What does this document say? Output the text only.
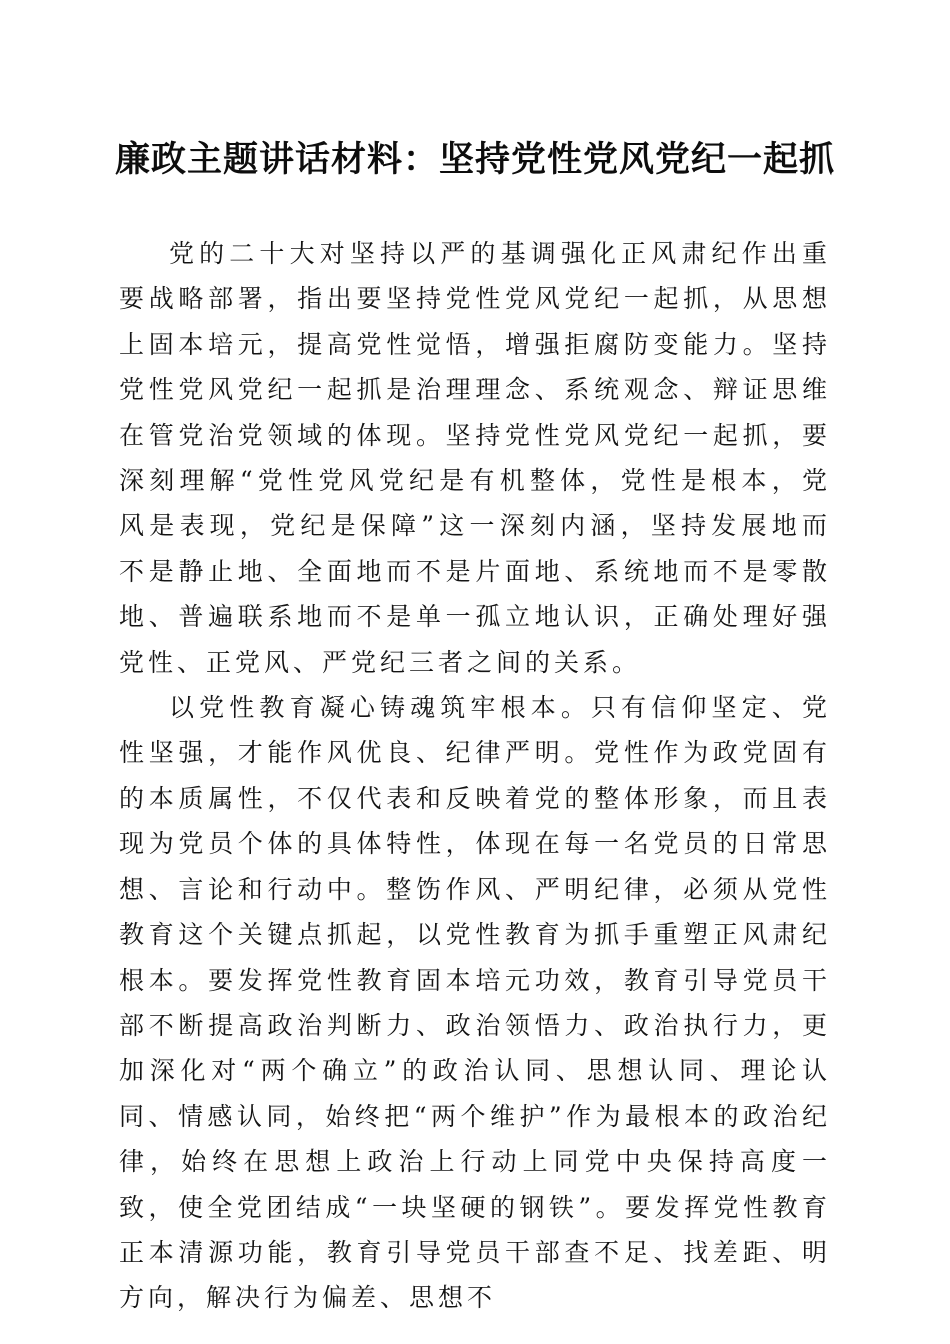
廉政主题讲话材料：坚持党性党风党纪一起抓

党的二十大对坚持以严的基调强化正风肃纪作出重要战略部署，指出要坚持党性党风党纪一起抓，从思想上固本培元，提高党性觉悟，增强拒腐防变能力。坚持党性党风党纪一起抓是治理理念、系统观念、辩证思维在管党治党领域的体现。坚持党性党风党纪一起抓，要深刻理解“党性党风党纪是有机整体，党性是根本，党风是表现，党纪是保障”这一深刻内涵，坚持发展地而不是静止地、全面地而不是片面地、系统地而不是零散地、普遍联系地而不是单一孤立地认识，正确处理好强党性、正党风、严党纪三者之间的关系。

以党性教育凝心铸魂筑牢根本。只有信仰坚定、党性坚强，才能作风优良、纪律严明。党性作为政党固有的本质属性，不仅代表和反映着党的整体形象，而且表现为党员个体的具体特性，体现在每一名党员的日常思想、言论和行动中。整饬作风、严明纪律，必须从党性教育这个关键点抓起，以党性教育为抓手重塑正风肃纪根本。要发挥党性教育固本培元功效，教育引导党员干部不断提高政治判断力、政治领悟力、政治执行力，更加深化对“两个确立”的政治认同、思想认同、理论认同、情感认同，始终把“两个维护”作为最根本的政治纪律，始终在思想上政治上行动上同党中央保持高度一致，使全党团结成“一块坚硬的钢铁”。要发挥党性教育正本清源功能，教育引导党员干部查不足、找差距、明方向，解决行为偏差、思想不
